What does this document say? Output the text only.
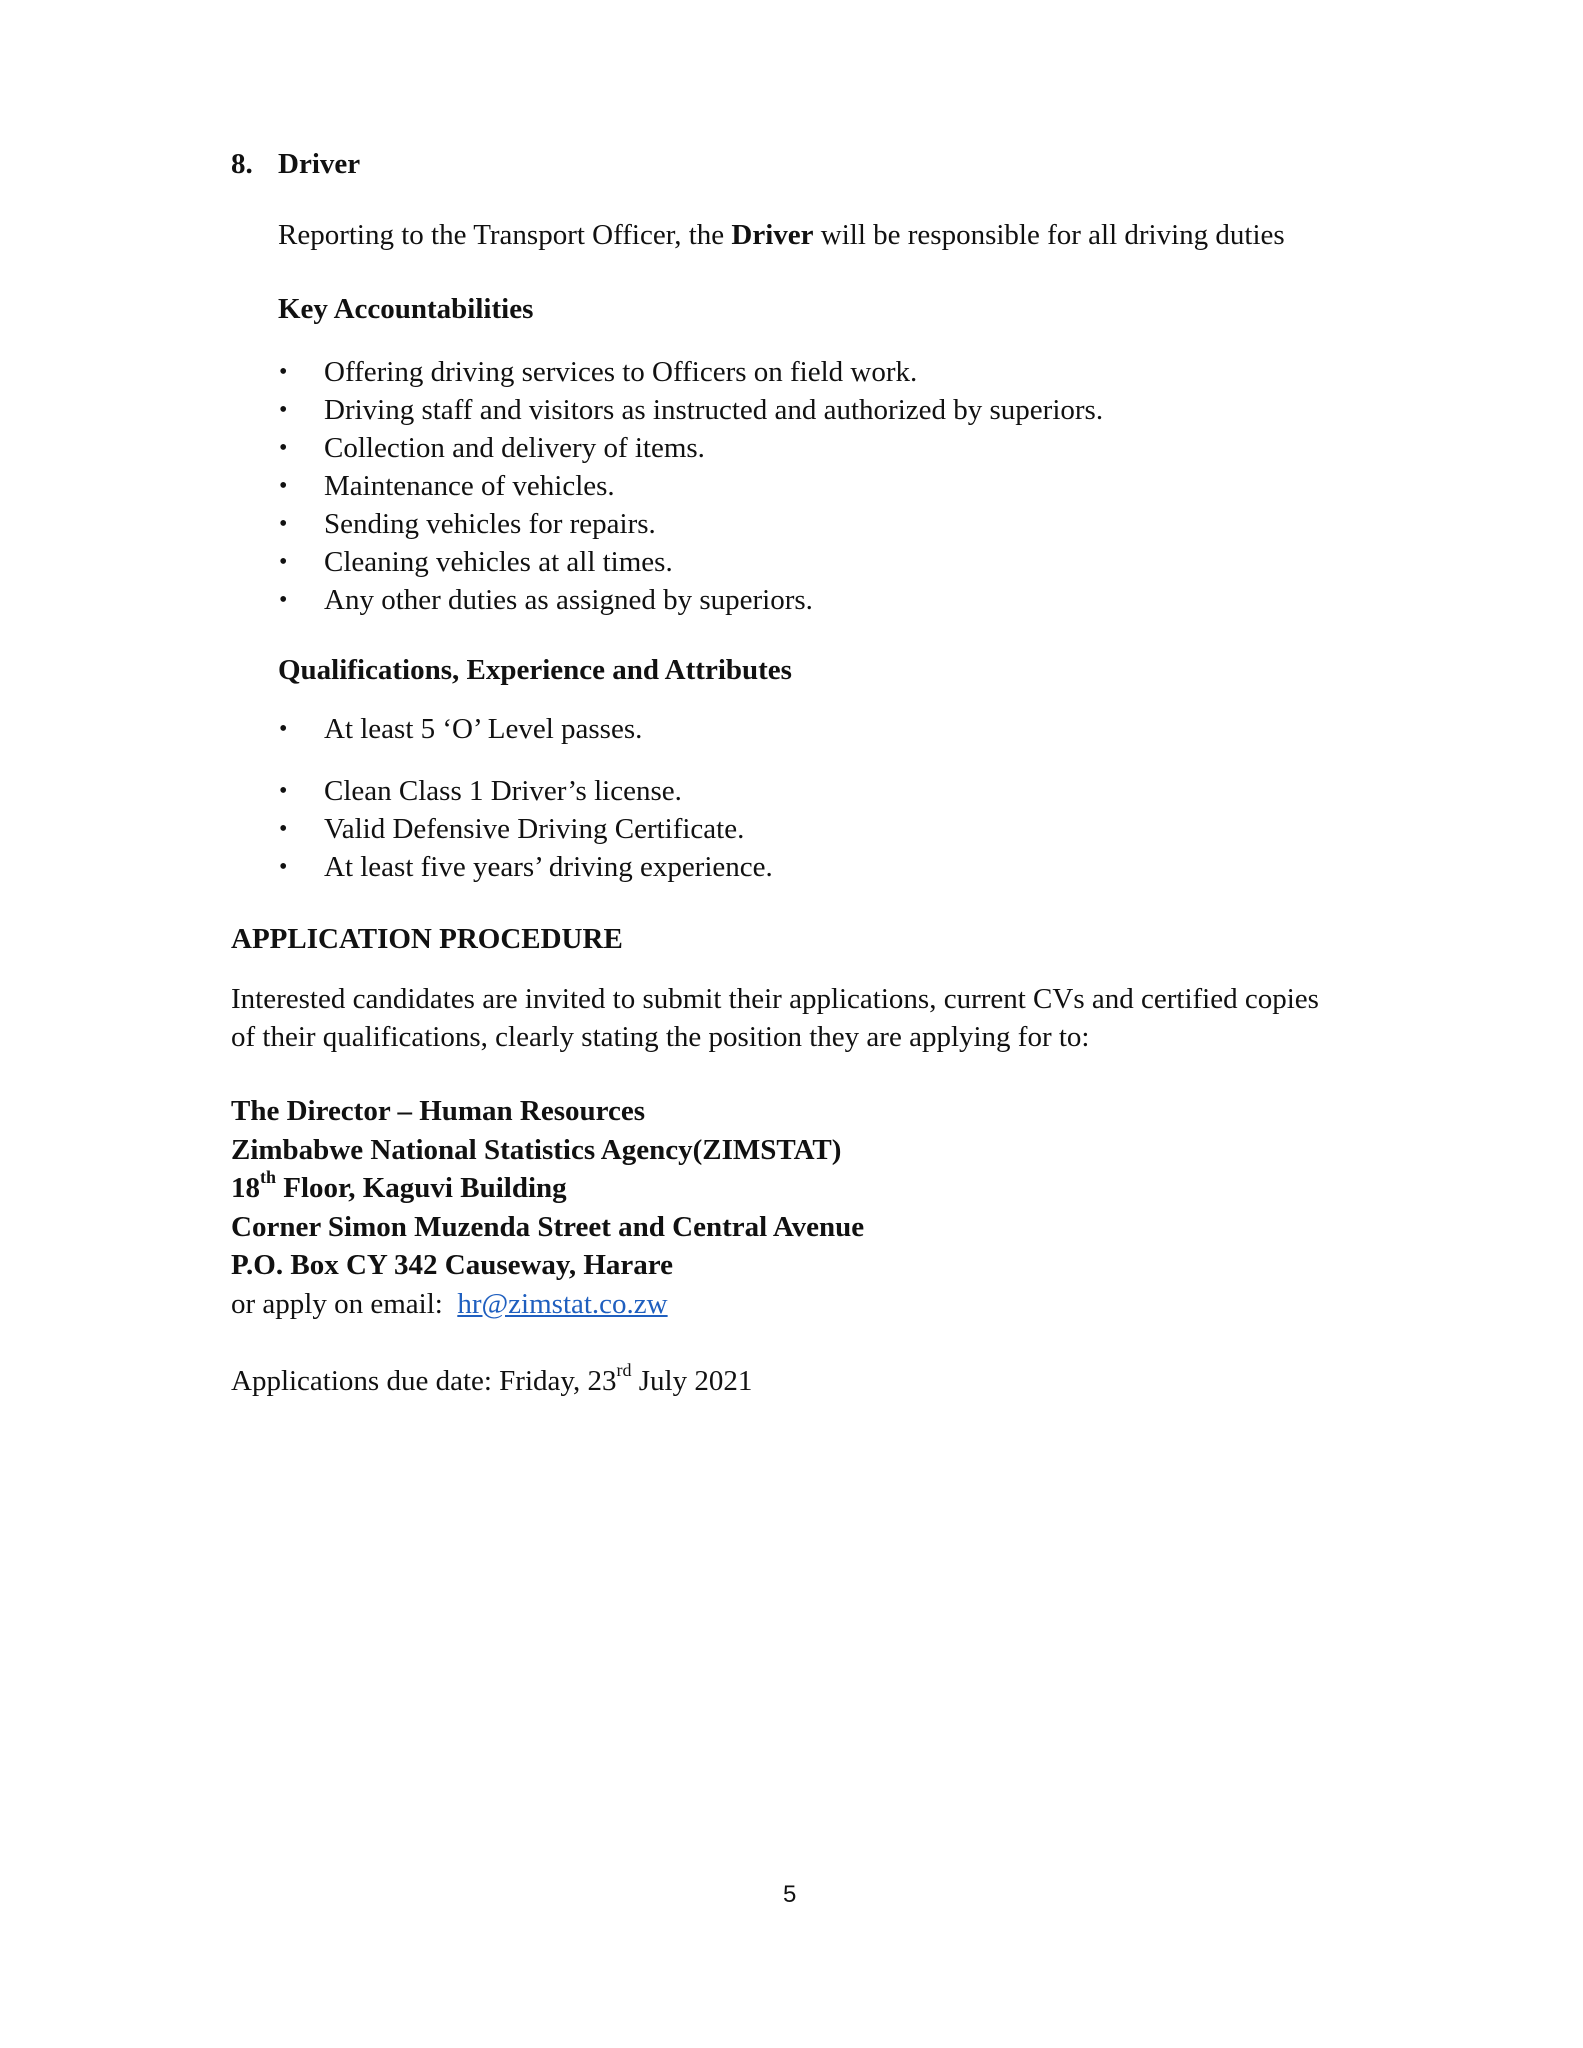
8. Driver
Reporting to the Transport Officer, the Driver will be responsible for all driving duties
Key Accountabilities
• Offering driving services to Officers on field work.
• Driving staff and visitors as instructed and authorized by superiors.
• Collection and delivery of items.
• Maintenance of vehicles.
• Sending vehicles for repairs.
• Cleaning vehicles at all times.
• Any other duties as assigned by superiors.
Qualifications, Experience and Attributes
• At least 5 ‘O’ Level passes.
• Clean Class 1 Driver’s license.
• Valid Defensive Driving Certificate.
• At least five years’ driving experience.
APPLICATION PROCEDURE
Interested candidates are invited to submit their applications, current CVs and certified copies
of their qualifications, clearly stating the position they are applying for to:
The Director – Human Resources
Zimbabwe National Statistics Agency(ZIMSTAT)
18th Floor, Kaguvi Building
Corner Simon Muzenda Street and Central Avenue
P.O. Box CY 342 Causeway, Harare
or apply on email:  hr@zimstat.co.zw
Applications due date: Friday, 23rd July 2021
5
